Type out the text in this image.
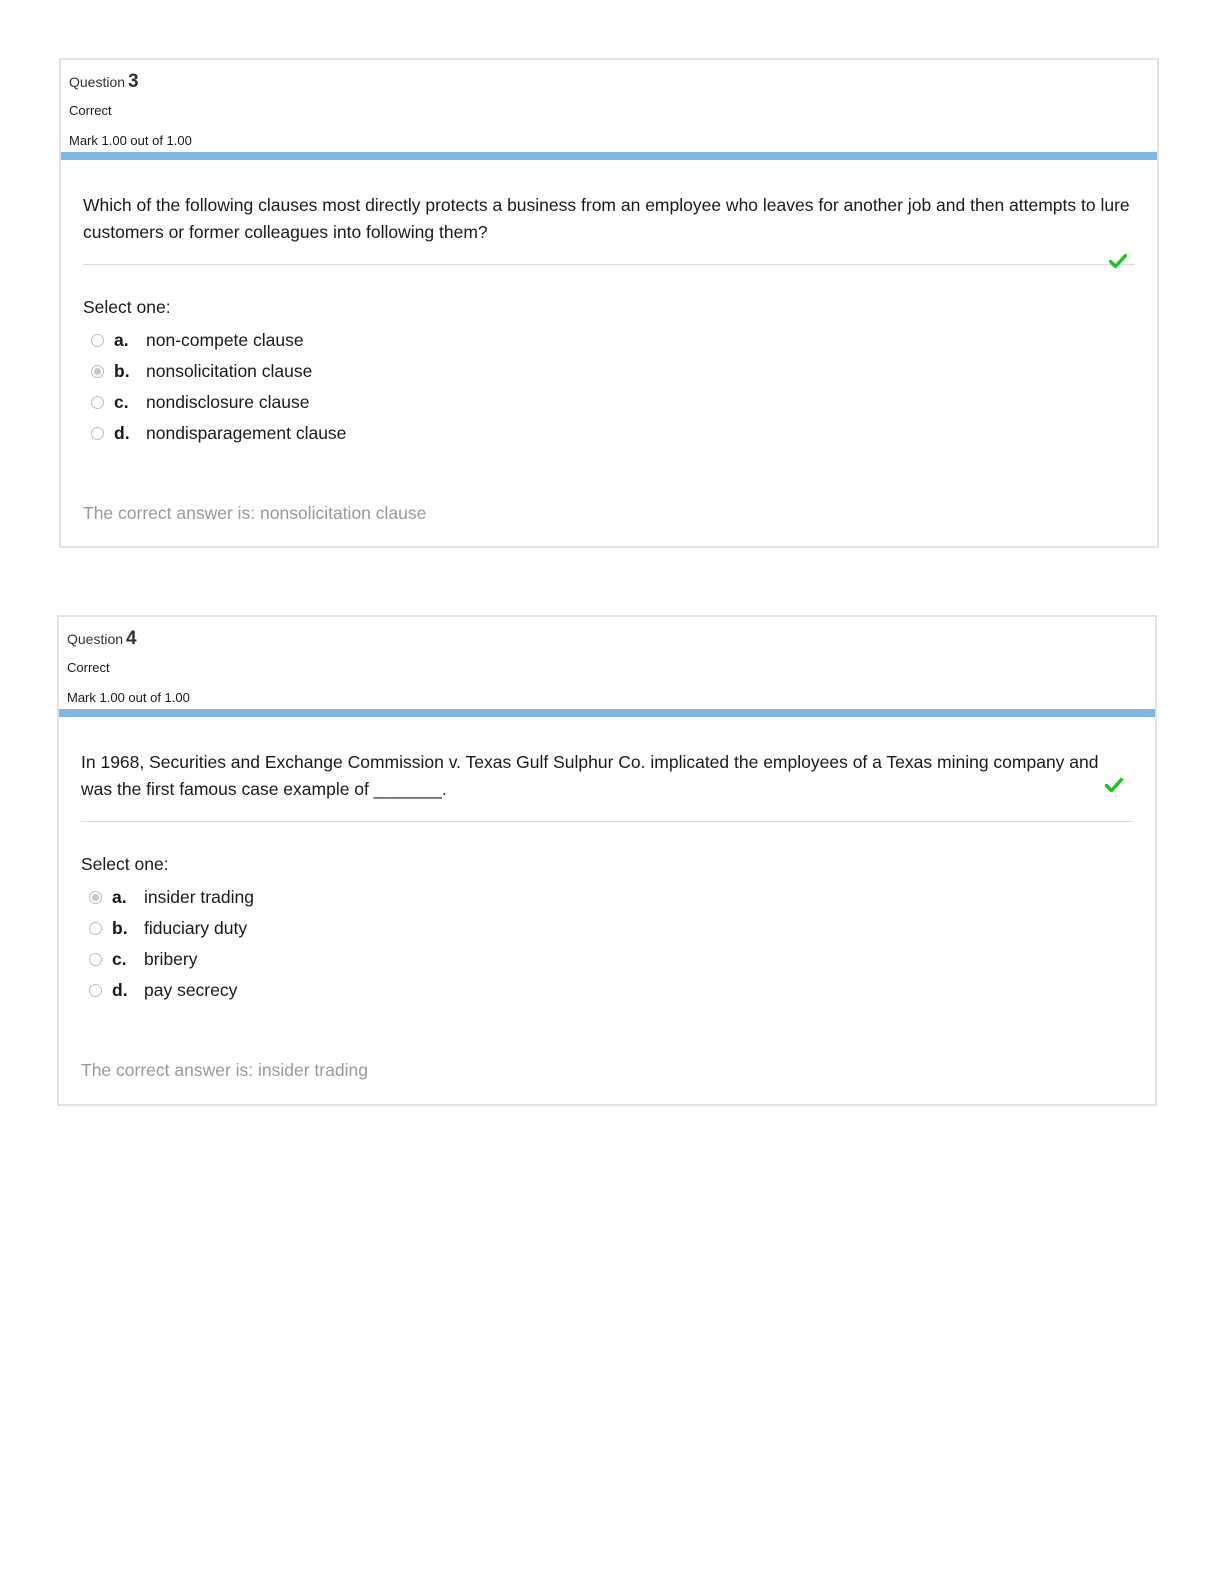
Question 3
Correct
Mark 1.00 out of 1.00
Which of the following clauses most directly protects a business from an employee who leaves for another job and then attempts to lure customers or former colleagues into following them?
Select one:
a. non-compete clause
b. nonsolicitation clause
c. nondisclosure clause
d. nondisparagement clause
The correct answer is: nonsolicitation clause
Question 4
Correct
Mark 1.00 out of 1.00
In 1968, Securities and Exchange Commission v. Texas Gulf Sulphur Co. implicated the employees of a Texas mining company and was the first famous case example of _______.
Select one:
a. insider trading
b. fiduciary duty
c. bribery
d. pay secrecy
The correct answer is: insider trading
